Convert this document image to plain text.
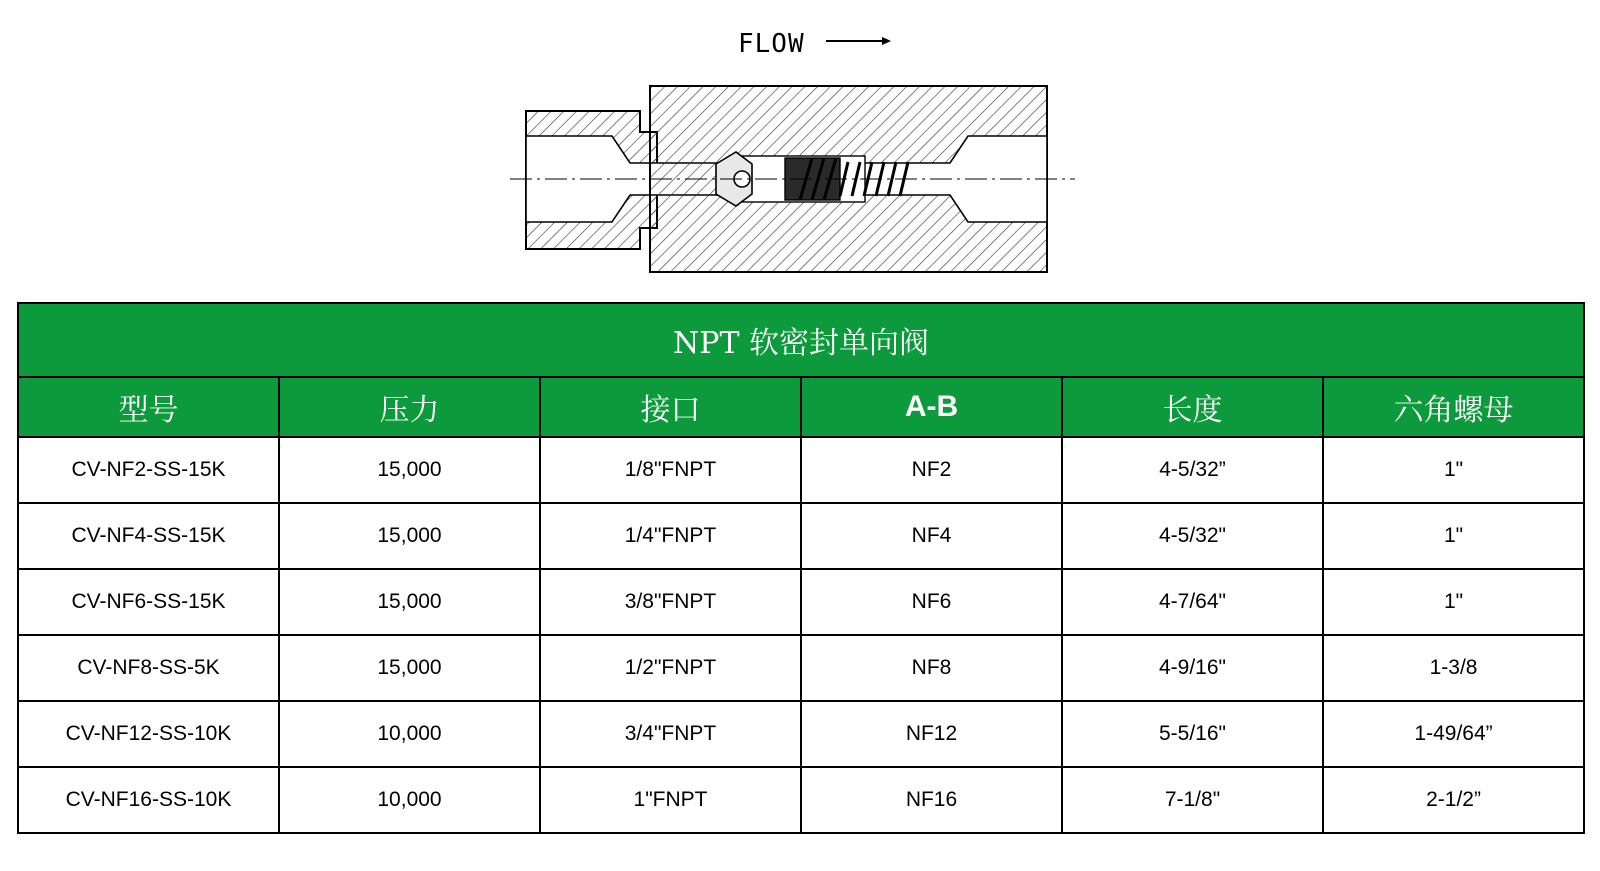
FLOW
NPT 软密封单向阀					
型号	压力	接口	A-B	长度	六角螺母
CV-NF2-SS-15K	15,000	1/8"FNPT	NF2	4-5/32”	1"
CV-NF4-SS-15K	15,000	1/4"FNPT	NF4	4-5/32"	1"
CV-NF6-SS-15K	15,000	3/8"FNPT	NF6	4-7/64"	1"
CV-NF8-SS-5K	15,000	1/2"FNPT	NF8	4-9/16"	1-3/8
CV-NF12-SS-10K	10,000	3/4"FNPT	NF12	5-5/16"	1-49/64”
CV-NF16-SS-10K	10,000	1"FNPT	NF16	7-1/8"	2-1/2”
